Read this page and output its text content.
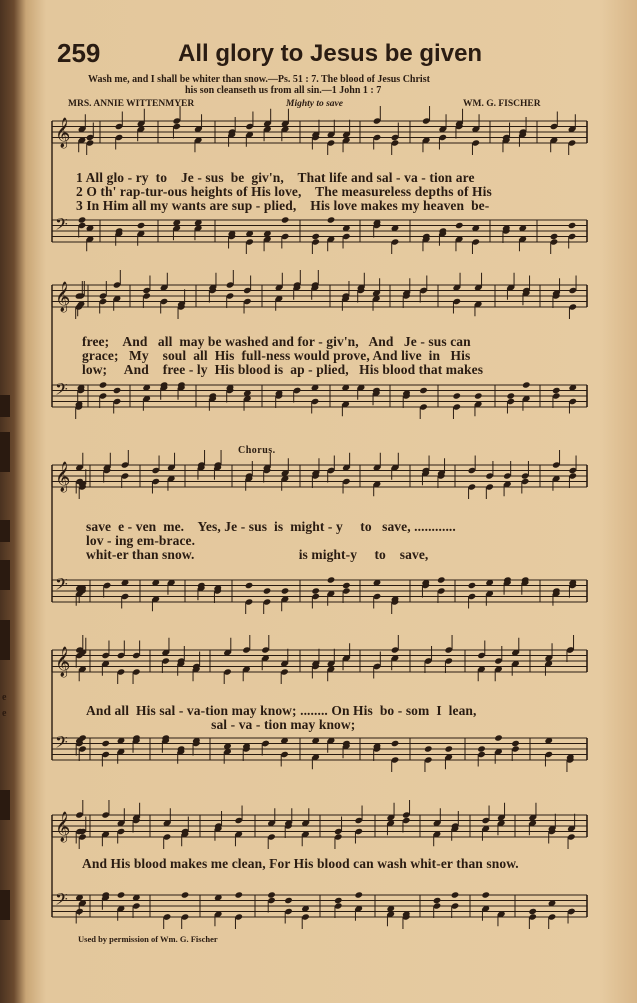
e
e
259	All glory to Jesus be given
Wash me, and I shall be whiter than snow.—Ps. 51 : 7. The blood of Jesus Christ
his son cleanseth us from all sin.—1 John 1 : 7
MRS. ANNIE WITTENMYER	Mighty to save	WM. G. FISCHER
𝄞
𝄢
𝄞
𝄢
𝄞
𝄢
𝄞
𝄢
𝄞
𝄢
1 All glo - ry  to    Je - sus  be  giv'n,    That life and sal - va - tion are
2 O th' rap-tur-ous heights of His love,    The measureless depths of His
3 In Him all my wants are sup - plied,    His love makes my heaven  be-
free;    And   all  may be washed and for - giv'n,   And   Je - sus can
grace;   My    soul  all  His  full-ness would prove, And live  in   His
low;     And    free - ly  His blood is  ap - plied,   His blood that makes
Chorus.
save  e - ven  me.    Yes, Je - sus  is  might - y     to   save, ............
lov - ing em-brace.
whit-er than snow.                              is might-y     to    save,
And all  His sal - va-tion may know; ........ On His  bo - som  I  lean,
sal - va - tion may know;
And His blood makes me clean, For His blood can wash whit-er than snow.
Used by permission of Wm. G. Fischer
